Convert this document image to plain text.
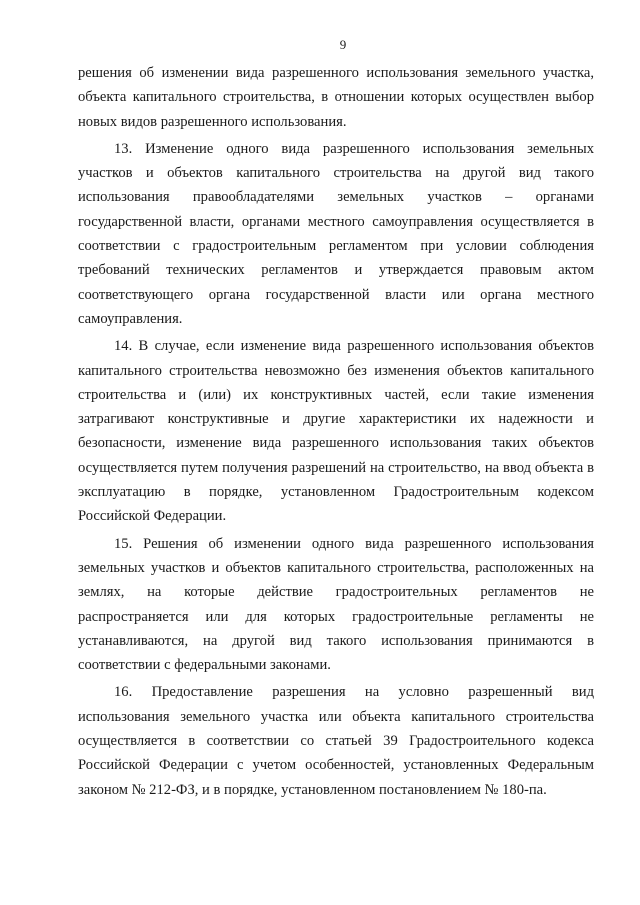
9

решения об изменении вида разрешенного использования земельного участка, объекта капитального строительства, в отношении которых осуществлен выбор новых видов разрешенного использования.

13. Изменение одного вида разрешенного использования земельных участков и объектов капитального строительства на другой вид такого использования правообладателями земельных участков – органами государственной власти, органами местного самоуправления осуществляется в соответствии с градостроительным регламентом при условии соблюдения требований технических регламентов и утверждается правовым актом соответствующего органа государственной власти или органа местного самоуправления.

14. В случае, если изменение вида разрешенного использования объектов капитального строительства невозможно без изменения объектов капитального строительства и (или) их конструктивных частей, если такие изменения затрагивают конструктивные и другие характеристики их надежности и безопасности, изменение вида разрешенного использования таких объектов осуществляется путем получения разрешений на строительство, на ввод объекта в эксплуатацию в порядке, установленном Градостроительным кодексом Российской Федерации.

15. Решения об изменении одного вида разрешенного использования земельных участков и объектов капитального строительства, расположенных на землях, на которые действие градостроительных регламентов не распространяется или для которых градостроительные регламенты не устанавливаются, на другой вид такого использования принимаются в соответствии с федеральными законами.

16. Предоставление разрешения на условно разрешенный вид использования земельного участка или объекта капитального строительства осуществляется в соответствии со статьей 39 Градостроительного кодекса Российской Федерации с учетом особенностей, установленных Федеральным законом № 212-ФЗ, и в порядке, установленном постановлением № 180-па.
